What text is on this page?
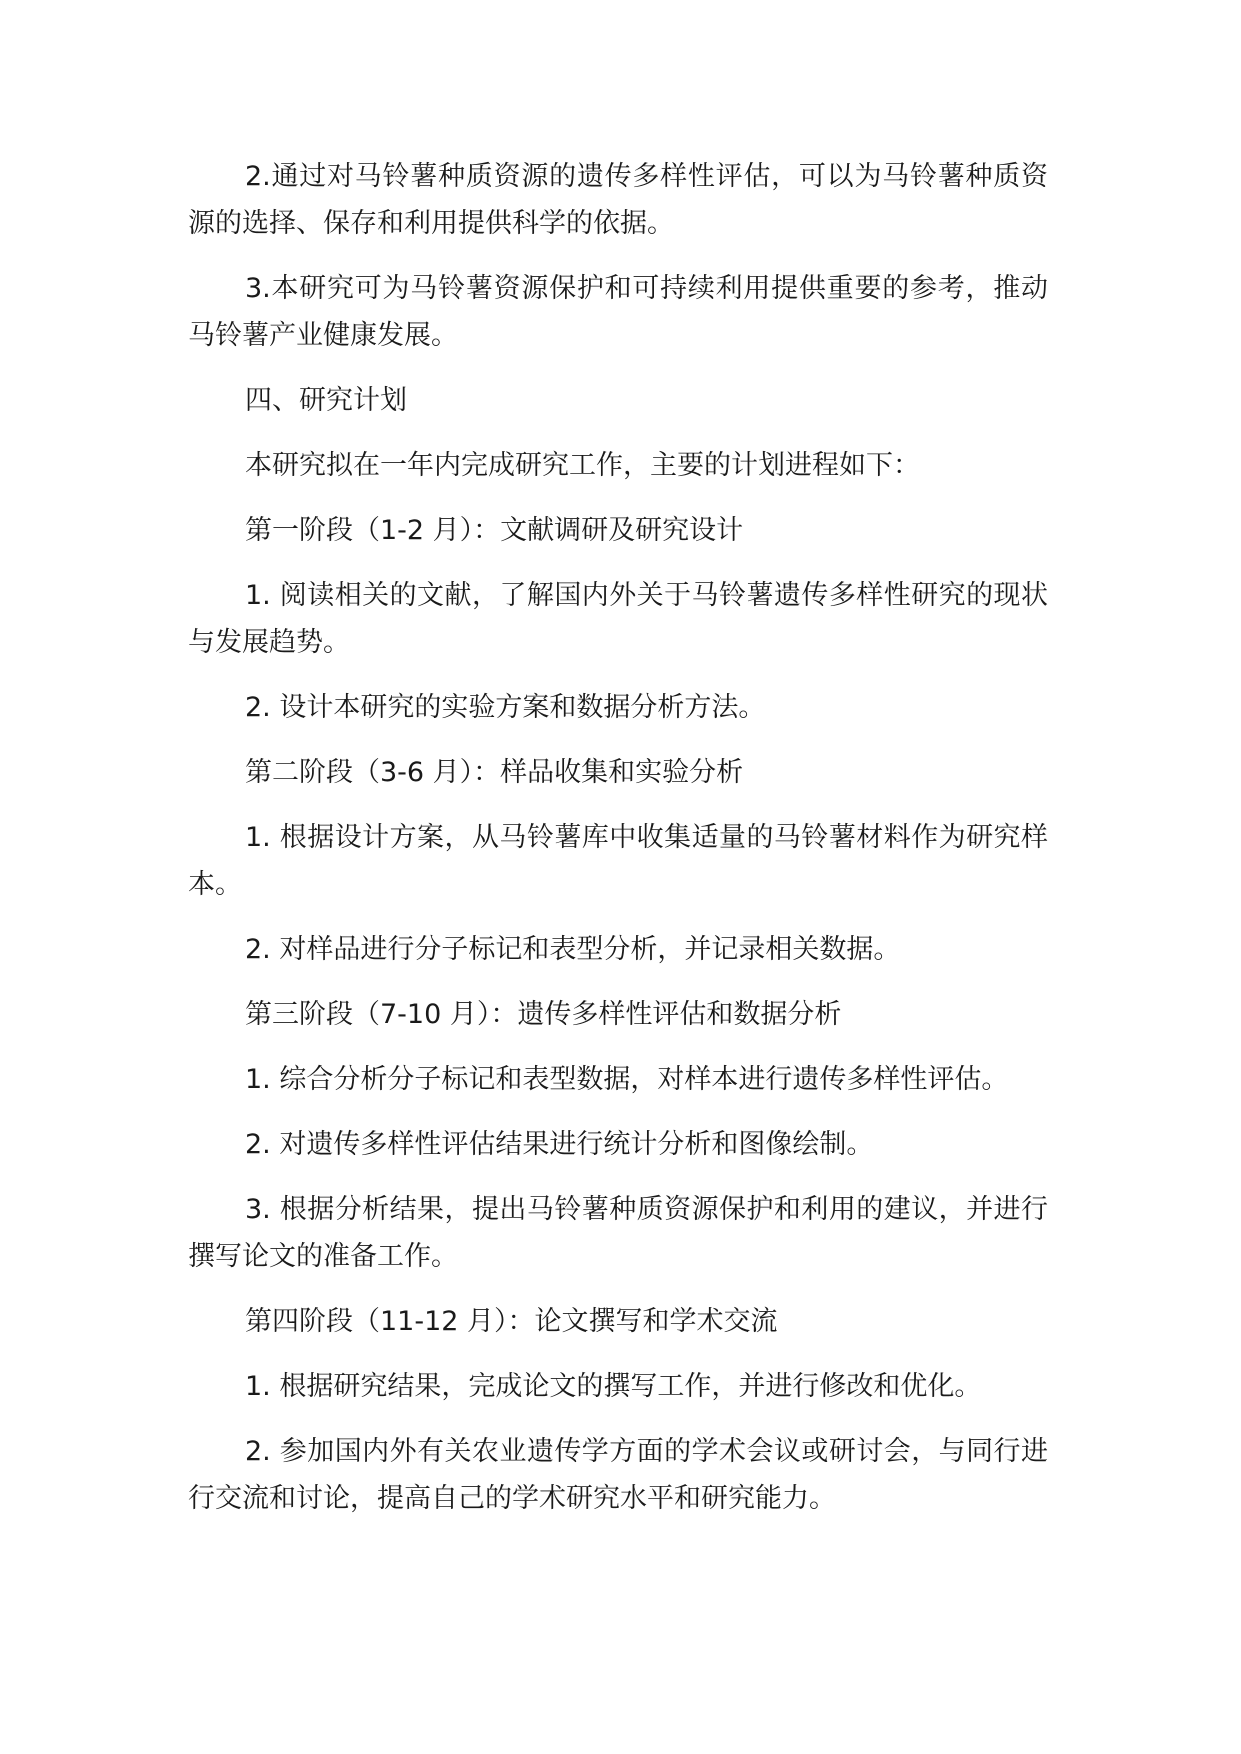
2.通过对马铃薯种质资源的遗传多样性评估，可以为马铃薯种质资源的选择、保存和利用提供科学的依据。

3.本研究可为马铃薯资源保护和可持续利用提供重要的参考，推动马铃薯产业健康发展。

四、研究计划

本研究拟在一年内完成研究工作，主要的计划进程如下：

第一阶段（1-2 月）：文献调研及研究设计

1. 阅读相关的文献，了解国内外关于马铃薯遗传多样性研究的现状与发展趋势。

2. 设计本研究的实验方案和数据分析方法。

第二阶段（3-6 月）：样品收集和实验分析

1. 根据设计方案，从马铃薯库中收集适量的马铃薯材料作为研究样本。

2. 对样品进行分子标记和表型分析，并记录相关数据。

第三阶段（7-10 月）：遗传多样性评估和数据分析

1. 综合分析分子标记和表型数据，对样本进行遗传多样性评估。

2. 对遗传多样性评估结果进行统计分析和图像绘制。

3. 根据分析结果，提出马铃薯种质资源保护和利用的建议，并进行撰写论文的准备工作。

第四阶段（11-12 月）：论文撰写和学术交流

1. 根据研究结果，完成论文的撰写工作，并进行修改和优化。

2. 参加国内外有关农业遗传学方面的学术会议或研讨会，与同行进行交流和讨论，提高自己的学术研究水平和研究能力。
